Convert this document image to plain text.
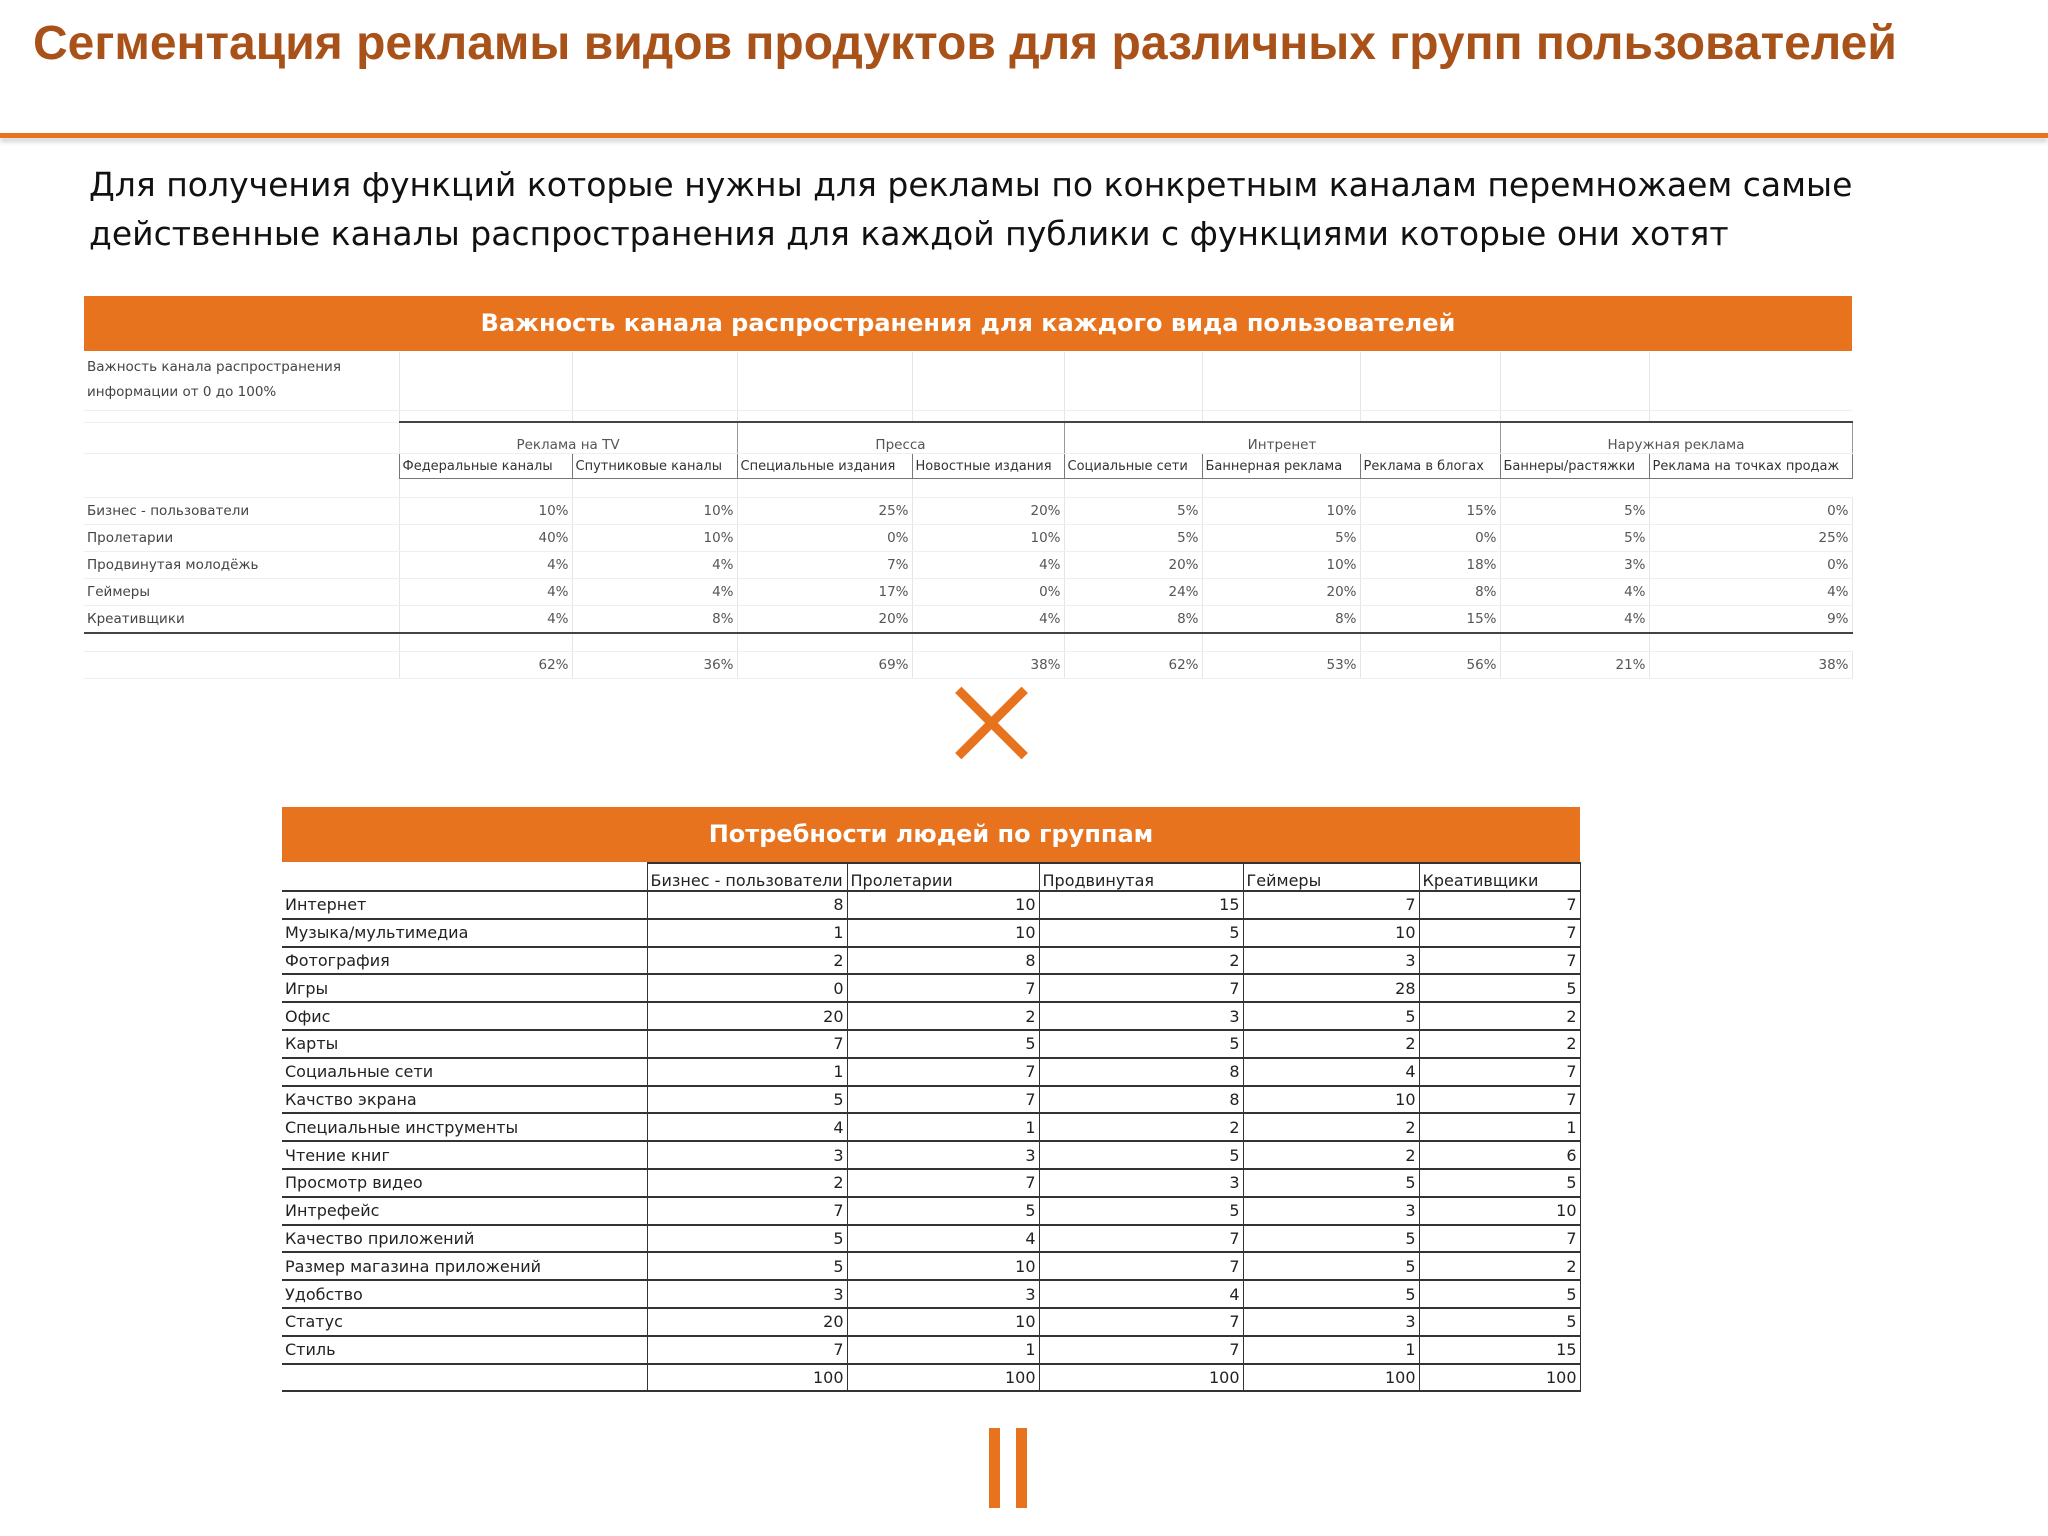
Сегментация рекламы видов продуктов для различных групп пользователей
Для получения функций которые нужны для рекламы по конкретным каналам перемножаем самые действенные каналы распространения для каждой публики с функциями которые они хотят
Важность канала распространения для каждого вида пользователей
Важность канала распространения информации от 0 до 100%									

	Реклама на TV		Пресса		Интренет			Наружная реклама	
	Федеральные каналы	Спутниковые каналы	Специальные издания	Новостные издания	Социальные сети	Баннерная реклама	Реклама в блогах	Баннеры/растяжки	Реклама на точках продаж

Бизнес - пользователи	10%	10%	25%	20%	5%	10%	15%	5%	0%
Пролетарии	40%	10%	0%	10%	5%	5%	0%	5%	25%
Продвинутая молодёжь	4%	4%	7%	4%	20%	10%	18%	3%	0%
Геймеры	4%	4%	17%	0%	24%	20%	8%	4%	4%
Креативщики	4%	8%	20%	4%	8%	8%	15%	4%	9%

	62%	36%	69%	38%	62%	53%	56%	21%	38%
Потребности людей по группам
	Бизнес - пользователи	Пролетарии	Продвинутая	Геймеры	Креативщики
Интернет	8	10	15	7	7
Музыка/мультимедиа	1	10	5	10	7
Фотография	2	8	2	3	7
Игры	0	7	7	28	5
Офис	20	2	3	5	2
Карты	7	5	5	2	2
Социальные сети	1	7	8	4	7
Качство экрана	5	7	8	10	7
Специальные инструменты	4	1	2	2	1
Чтение книг	3	3	5	2	6
Просмотр видео	2	7	3	5	5
Интрефейс	7	5	5	3	10
Качество приложений	5	4	7	5	7
Размер магазина приложений	5	10	7	5	2
Удобство	3	3	4	5	5
Статус	20	10	7	3	5
Стиль	7	1	7	1	15
	100	100	100	100	100
